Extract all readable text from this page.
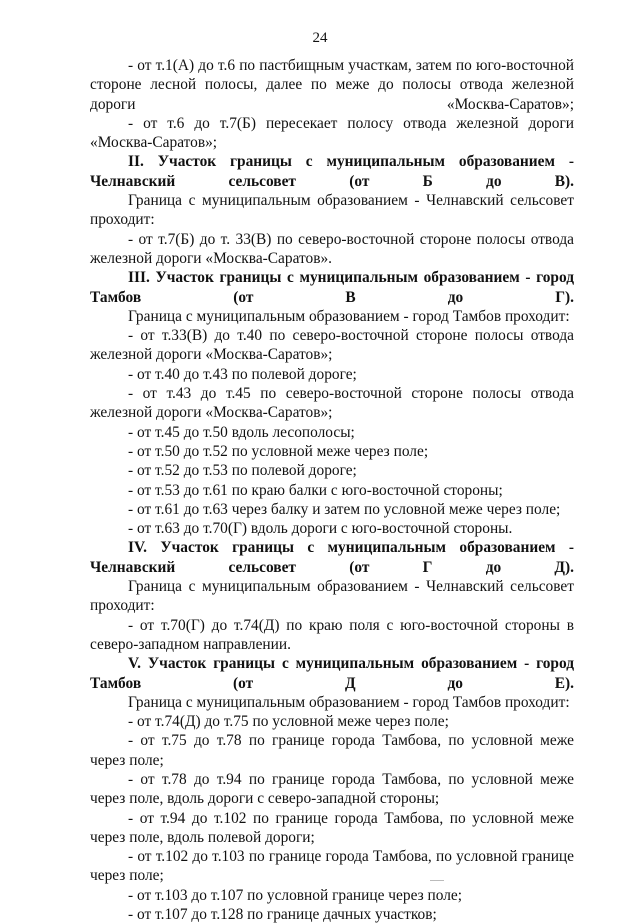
24

- от т.1(А) до т.6 по пастбищным участкам, затем по юго-восточной стороне лесной полосы, далее по меже до полосы отвода железной дороги «Москва-Саратов»;

- от т.6 до т.7(Б) пересекает полосу отвода железной дороги «Москва-Саратов»;

II. Участок границы с муниципальным образованием - Челнавский сельсовет (от Б до В).

Граница с муниципальным образованием - Челнавский сельсовет проходит:

- от т.7(Б) до т. 33(В) по северо-восточной стороне полосы отвода железной дороги «Москва-Саратов».

III. Участок границы с муниципальным образованием - город Тамбов (от В до Г).

Граница с муниципальным образованием - город Тамбов проходит:

- от т.33(В) до т.40 по северо-восточной стороне полосы отвода железной дороги «Москва-Саратов»;

- от т.40 до т.43 по полевой дороге;

- от т.43 до т.45 по северо-восточной стороне полосы отвода железной дороги «Москва-Саратов»;

- от т.45 до т.50 вдоль лесополосы;

- от т.50 до т.52 по условной меже через поле;

- от т.52 до т.53 по полевой дороге;

- от т.53 до т.61 по краю балки с юго-восточной стороны;

- от т.61 до т.63 через балку и затем по условной меже через поле;

- от т.63 до т.70(Г) вдоль дороги с юго-восточной стороны.

IV. Участок границы с муниципальным образованием - Челнавский сельсовет (от Г до Д).

Граница с муниципальным образованием - Челнавский сельсовет проходит:

- от т.70(Г) до т.74(Д) по краю поля с юго-восточной стороны в северо-западном направлении.

V. Участок границы с муниципальным образованием - город Тамбов (от Д до Е).

Граница с муниципальным образованием - город Тамбов проходит:

- от т.74(Д) до т.75 по условной меже через поле;

- от т.75 до т.78 по границе города Тамбова, по условной меже через поле;

- от т.78 до т.94 по границе города Тамбова, по условной меже через поле, вдоль дороги с северо-западной стороны;

- от т.94 до т.102 по границе города Тамбова, по условной меже через поле, вдоль полевой дороги;

- от т.102 до т.103 по границе города Тамбова, по условной границе через поле;

- от т.103 до т.107 по условной границе через поле;

- от т.107 до т.128 по границе дачных участков;
